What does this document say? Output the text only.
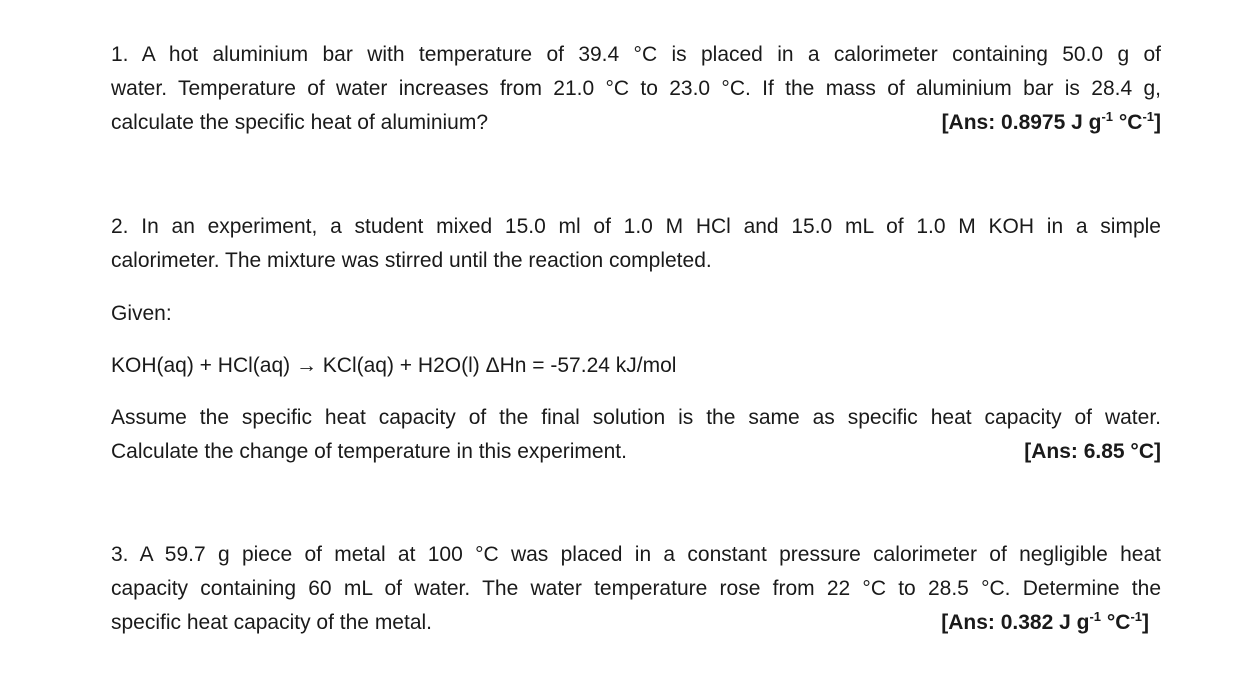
1. A hot aluminium bar with temperature of 39.4 °C is placed in a calorimeter containing 50.0 g of
water. Temperature of water increases from 21.0 °C to 23.0 °C. If the mass of aluminium bar is 28.4 g,
calculate the specific heat of aluminium?	[Ans: 0.8975 J $g^{-1}$ $^\circ C^{-1}$]
2. In an experiment, a student mixed 15.0 ml of 1.0 M HCl and 15.0 mL of 1.0 M KOH in a simple
calorimeter. The mixture was stirred until the reaction completed.
Given:
KOH(aq) + HCl(aq) → KCl(aq) + H2O(l) ΔHn = -57.24 kJ/mol
Assume the specific heat capacity of the final solution is the same as specific heat capacity of water.
Calculate the change of temperature in this experiment.	[Ans: 6.85 °C]
3. A 59.7 g piece of metal at 100 °C was placed in a constant pressure calorimeter of negligible heat
capacity containing 60 mL of water. The water temperature rose from 22 °C to 28.5 °C. Determine the
specific heat capacity of the metal.	[Ans: 0.382 J $g^{-1}$ $^\circ C^{-1}$]
